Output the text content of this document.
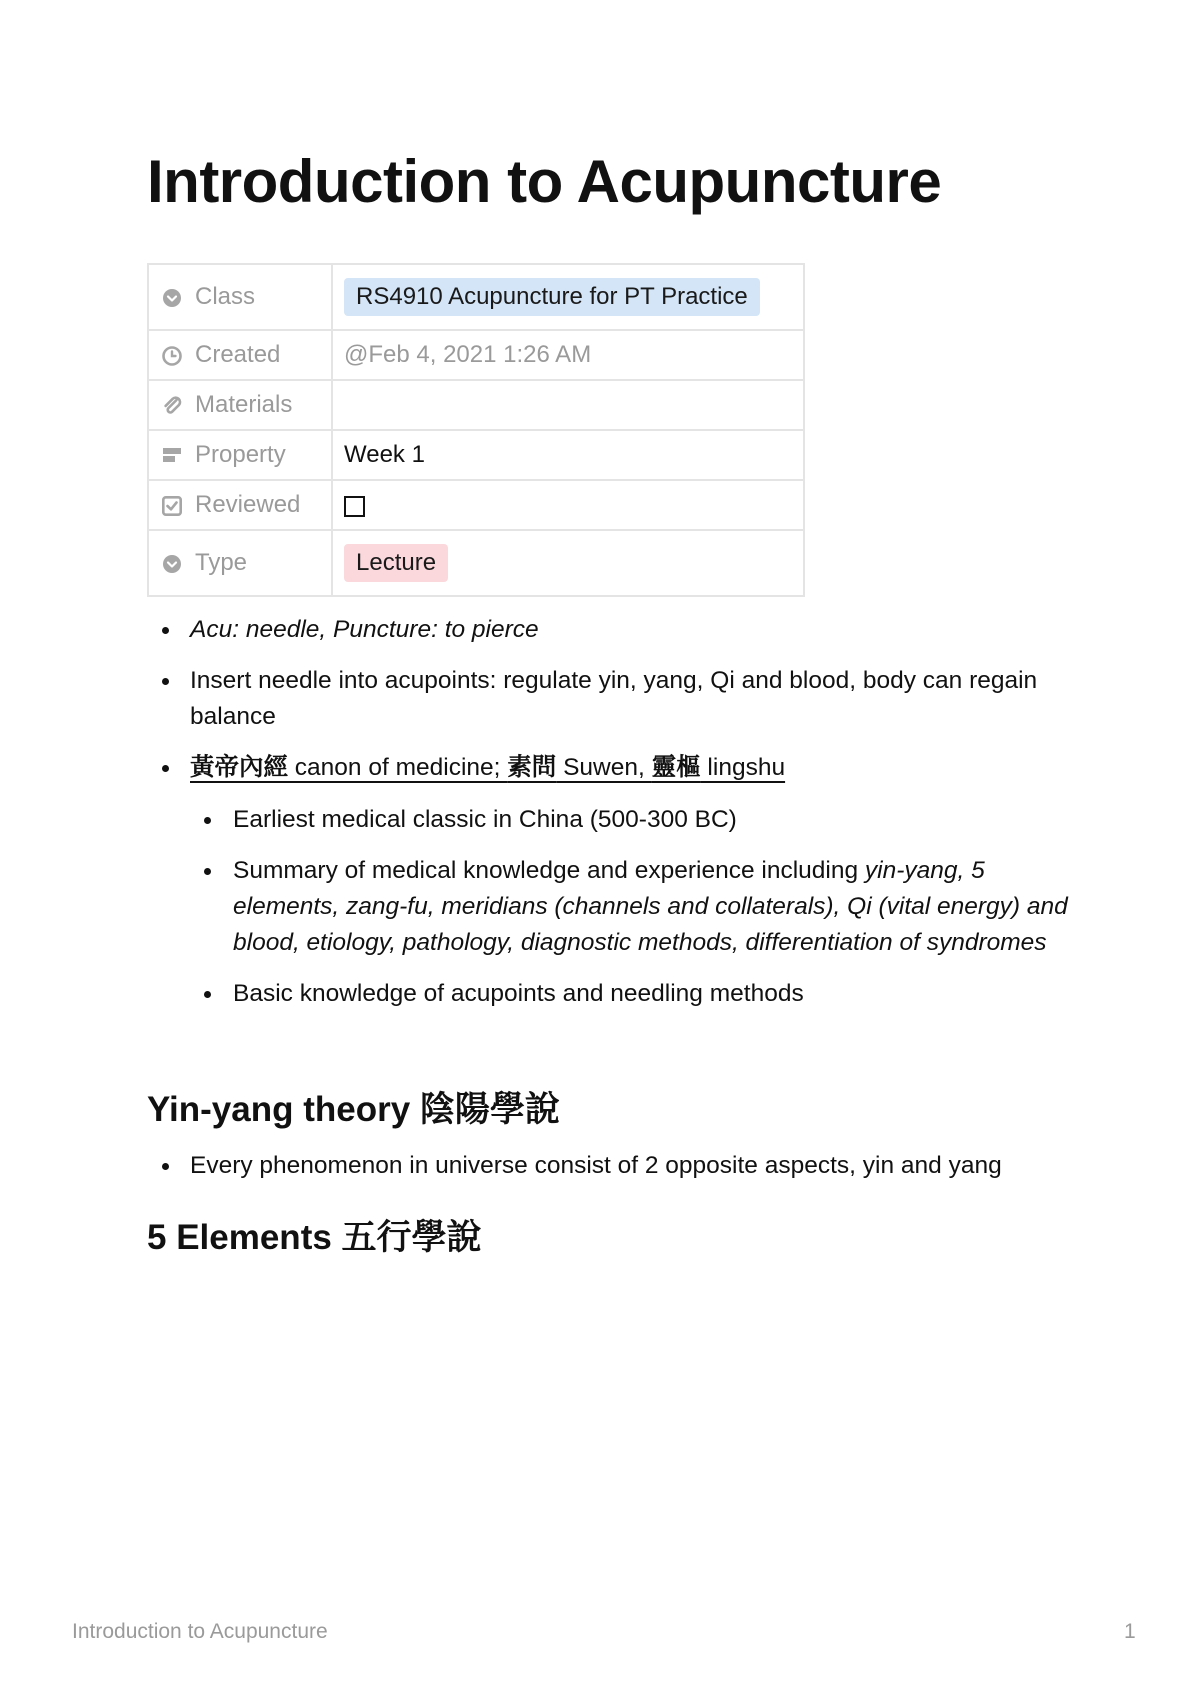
Introduction to Acupuncture
Class	RS4910 Acupuncture for PT Practice
Created	@Feb 4, 2021 1:26 AM
Materials	
Property	Week 1
Reviewed	
Type	Lecture
Acu: needle, Puncture: to pierce
Insert needle into acupoints: regulate yin, yang, Qi and blood, body can regain balance
黃帝內經 canon of medicine; 素問 Suwen, 靈樞 lingshu
Earliest medical classic in China (500-300 BC)
Summary of medical knowledge and experience including yin-yang, 5 elements, zang-fu, meridians (channels and collaterals), Qi (vital energy) and blood, etiology, pathology, diagnostic methods, differentiation of syndromes
Basic knowledge of acupoints and needling methods
Yin-yang theory 陰陽學說
Every phenomenon in universe consist of 2 opposite aspects, yin and yang
5 Elements 五行學說
Introduction to Acupuncture	1
